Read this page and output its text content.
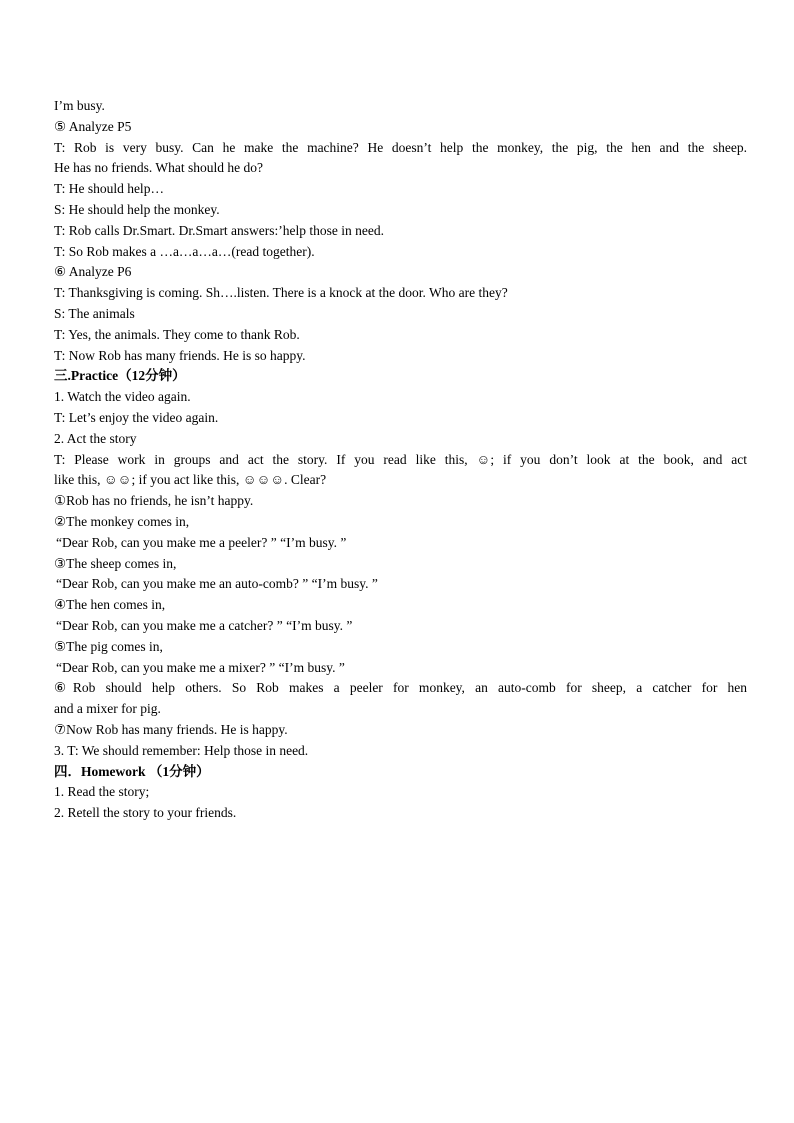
I’m busy.
⑤ Analyze P5
T: Rob is very busy. Can he make the machine? He doesn’t help the monkey, the pig, the hen and the sheep.
He has no friends. What should he do?
T: He should help…
S: He should help the monkey.
T: Rob calls Dr.Smart. Dr.Smart answers:’help those in need.
T: So Rob makes a …a…a…a…(read together).
⑥ Analyze P6
T: Thanksgiving is coming. Sh….listen. There is a knock at the door. Who are they?
S: The animals
T: Yes, the animals. They come to thank Rob.
T: Now Rob has many friends. He is so happy.
三.Practice（12分钟）
1. Watch the video again.
T: Let’s enjoy the video again.
2. Act the story
T: Please work in groups and act the story. If you read like this, ☺; if you don’t look at the book, and act
like this, ☺☺; if you act like this, ☺☺☺. Clear?
①Rob has no friends, he isn’t happy.
②The monkey comes in,
“Dear Rob, can you make me a peeler? ” “I’m busy. ”
③The sheep comes in,
“Dear Rob, can you make me an auto-comb? ” “I’m busy. ”
④The hen comes in,
“Dear Rob, can you make me a catcher? ” “I’m busy. ”
⑤The pig comes in,
“Dear Rob, can you make me a mixer? ” “I’m busy. ”
⑥Rob should help others. So Rob makes a peeler for monkey, an auto-comb for sheep, a catcher for hen
and a mixer for pig.
⑦Now Rob has many friends. He is happy.
3. T: We should remember: Help those in need.
四．Homework （1分钟）
1. Read the story;
2. Retell the story to your friends.
